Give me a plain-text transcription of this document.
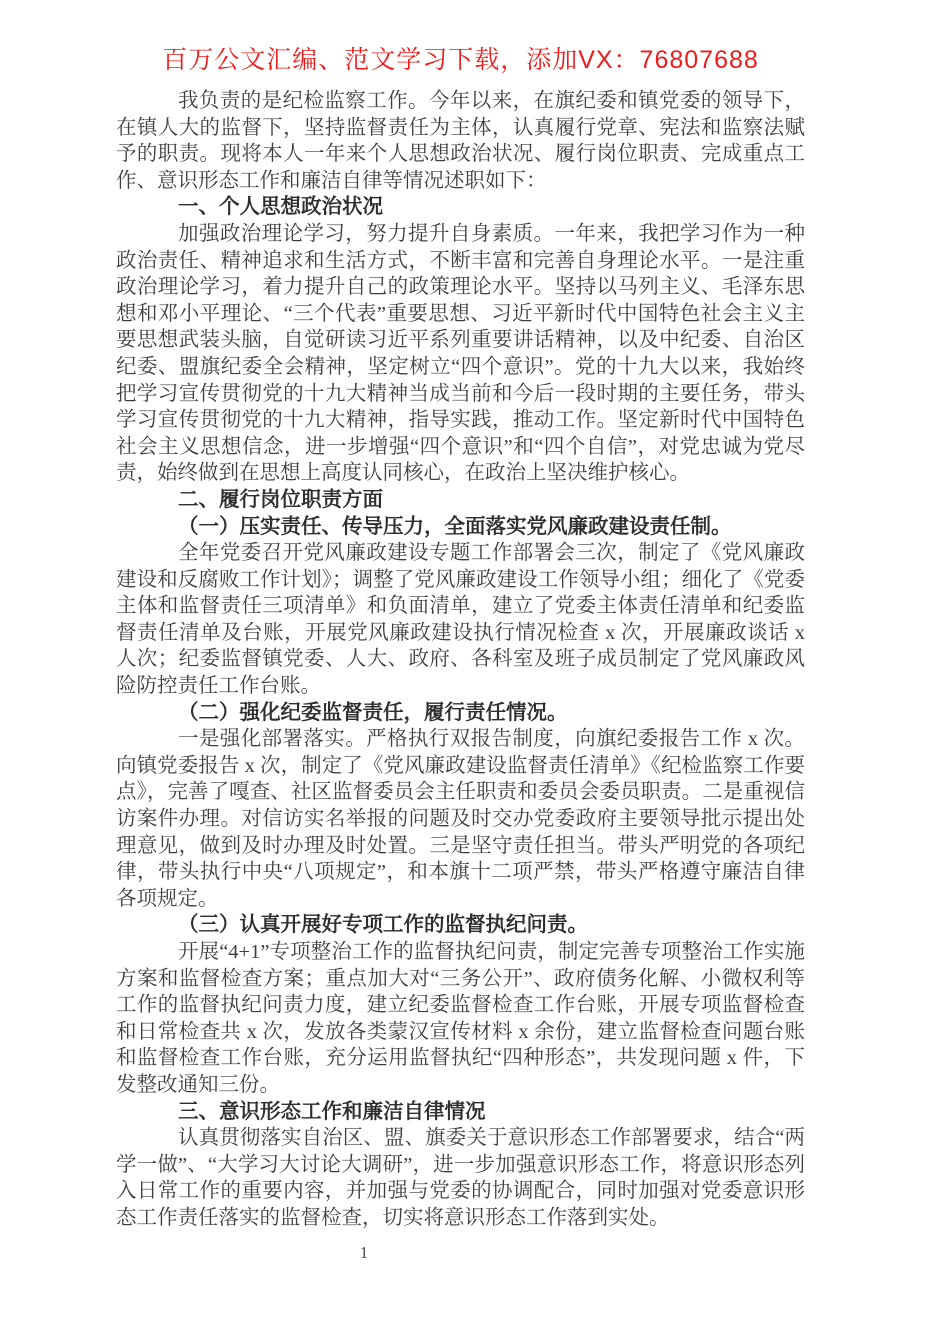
百万公文汇编、范文学习下载，添加VX：76807688

我负责的是纪检监察工作。今年以来，在旗纪委和镇党委的领导下，在镇人大的监督下，坚持监督责任为主体，认真履行党章、宪法和监察法赋予的职责。现将本人一年来个人思想政治状况、履行岗位职责、完成重点工作、意识形态工作和廉洁自律等情况述职如下：

一、个人思想政治状况

加强政治理论学习，努力提升自身素质。一年来，我把学习作为一种政治责任、精神追求和生活方式，不断丰富和完善自身理论水平。一是注重政治理论学习，着力提升自己的政策理论水平。坚持以马列主义、毛泽东思想和邓小平理论、“三个代表”重要思想、习近平新时代中国特色社会主义主要思想武装头脑，自觉研读习近平系列重要讲话精神，以及中纪委、自治区纪委、盟旗纪委全会精神，坚定树立“四个意识”。党的十九大以来，我始终把学习宣传贯彻党的十九大精神当成当前和今后一段时期的主要任务，带头学习宣传贯彻党的十九大精神，指导实践，推动工作。坚定新时代中国特色社会主义思想信念，进一步增强“四个意识”和“四个自信”，对党忠诚为党尽责，始终做到在思想上高度认同核心，在政治上坚决维护核心。

二、履行岗位职责方面

（一）压实责任、传导压力，全面落实党风廉政建设责任制。

全年党委召开党风廉政建设专题工作部署会三次，制定了《党风廉政建设和反腐败工作计划》；调整了党风廉政建设工作领导小组；细化了《党委主体和监督责任三项清单》和负面清单，建立了党委主体责任清单和纪委监督责任清单及台账，开展党风廉政建设执行情况检查 x 次，开展廉政谈话 x 人次；纪委监督镇党委、人大、政府、各科室及班子成员制定了党风廉政风险防控责任工作台账。

（二）强化纪委监督责任，履行责任情况。

一是强化部署落实。严格执行双报告制度，向旗纪委报告工作 x 次。向镇党委报告 x 次，制定了《党风廉政建设监督责任清单》《纪检监察工作要点》，完善了嘎查、社区监督委员会主任职责和委员会委员职责。二是重视信访案件办理。对信访实名举报的问题及时交办党委政府主要领导批示提出处理意见，做到及时办理及时处置。三是坚守责任担当。带头严明党的各项纪律，带头执行中央“八项规定”，和本旗十二项严禁，带头严格遵守廉洁自律各项规定。

（三）认真开展好专项工作的监督执纪问责。

开展“4+1”专项整治工作的监督执纪问责，制定完善专项整治工作实施方案和监督检查方案；重点加大对“三务公开”、政府债务化解、小微权利等工作的监督执纪问责力度，建立纪委监督检查工作台账，开展专项监督检查和日常检查共 x 次，发放各类蒙汉宣传材料 x 余份，建立监督检查问题台账和监督检查工作台账，充分运用监督执纪“四种形态”，共发现问题 x 件，下发整改通知三份。

三、意识形态工作和廉洁自律情况

认真贯彻落实自治区、盟、旗委关于意识形态工作部署要求，结合“两学一做”、“大学习大讨论大调研”，进一步加强意识形态工作，将意识形态列入日常工作的重要内容，并加强与党委的协调配合，同时加强对党委意识形态工作责任落实的监督检查，切实将意识形态工作落到实处。

1
